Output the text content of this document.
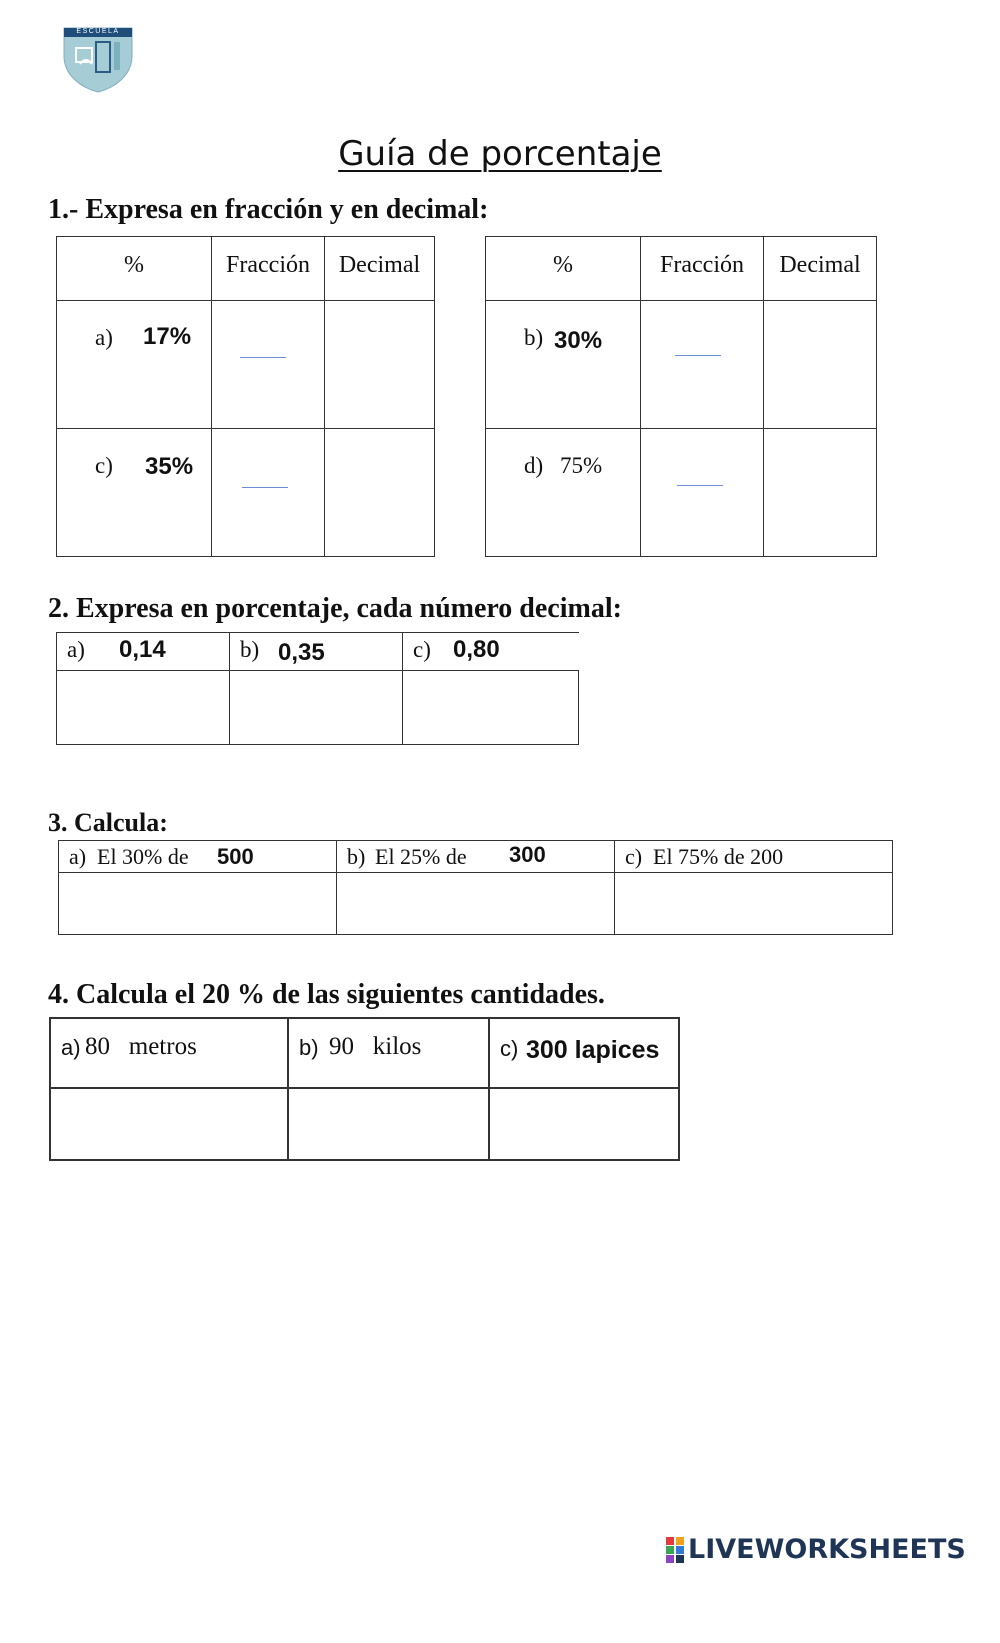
ESCUELA
Guía de porcentaje
1.- Expresa en fracción y en decimal:
%	Fracción	Decimal

a) 17%		

c) 35%		

%	Fracción	Decimal

b) 30%		

d) 75%		

2. Expresa en porcentaje, cada número decimal:
a) 0,14	b) 0,35	c) 0,80

3. Calcula:
a) El 30% de 500	b) El 25% de 300	c) El 75% de 200

4. Calcula el 20 % de las siguientes cantidades.
a) 80   metros	b) 90   kilos	c) 300 lapices

LIVEWORKSHEETS
